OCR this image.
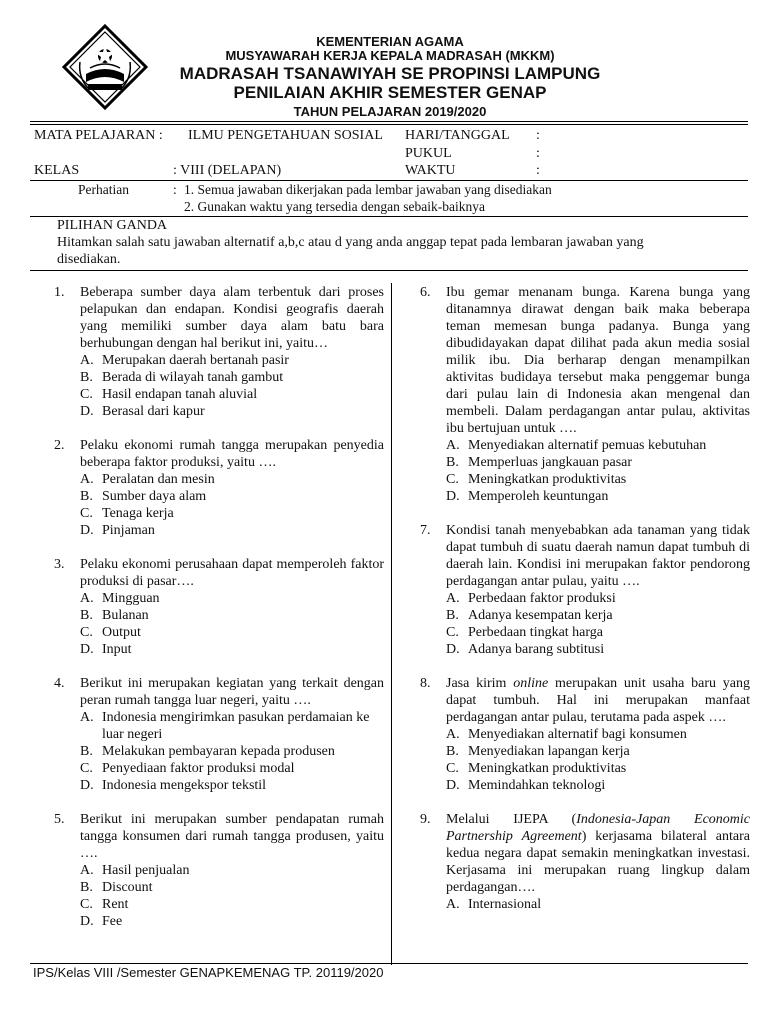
KEMENTERIAN AGAMA
MUSYAWARAH KERJA KEPALA MADRASAH (MKKM)
MADRASAH TSANAWIYAH SE PROPINSI LAMPUNG
PENILAIAN AKHIR SEMESTER GENAP
TAHUN PELAJARAN 2019/2020
MATA PELAJARAN : ILMU PENGETAHUAN SOSIAL HARI/TANGGAL :
PUKUL	:
KELAS	: VIII (DELAPAN)	WAKTU	:
Perhatian	: 1. Semua jawaban dikerjakan pada lembar jawaban yang disediakan
2. Gunakan waktu yang tersedia dengan sebaik-baiknya
PILIHAN GANDA
Hitamkan salah satu jawaban alternatif a,b,c atau d yang anda anggap tepat pada lembaran jawaban yang
disediakan.
1.	Beberapa sumber daya alam terbentuk dari proses pelapukan dan endapan. Kondisi geografis daerah yang memiliki sumber daya alam batu bara berhubungan dengan hal berikut ini, yaitu…
A. Merupakan daerah bertanah pasir
B. Berada di wilayah tanah gambut
C. Hasil endapan tanah aluvial
D. Berasal dari kapur
2.	Pelaku ekonomi rumah tangga merupakan penyedia beberapa faktor produksi, yaitu ….
A. Peralatan dan mesin
B. Sumber daya alam
C. Tenaga kerja
D. Pinjaman
3.	Pelaku ekonomi perusahaan dapat memperoleh faktor produksi di pasar….
A. Mingguan
B. Bulanan
C. Output
D. Input
4.	Berikut ini merupakan kegiatan yang terkait dengan peran rumah tangga luar negeri, yaitu ….
A. Indonesia mengirimkan pasukan perdamaian ke luar negeri
B. Melakukan pembayaran kepada produsen
C. Penyediaan faktor produksi modal
D. Indonesia mengekspor tekstil
5.	Berikut ini merupakan sumber pendapatan rumah tangga konsumen dari rumah tangga produsen, yaitu ….
A. Hasil penjualan
B. Discount
C. Rent
D. Fee
6.	Ibu gemar menanam bunga. Karena bunga yang ditanamnya dirawat dengan baik maka beberapa teman memesan bunga padanya. Bunga yang dibudidayakan dapat dilihat pada akun media sosial milik ibu. Dia berharap dengan menampilkan aktivitas budidaya tersebut maka penggemar bunga dari pulau lain di Indonesia akan mengenal dan membeli. Dalam perdagangan antar pulau, aktivitas ibu bertujuan untuk ….
A. Menyediakan alternatif pemuas kebutuhan
B. Memperluas jangkauan pasar
C. Meningkatkan produktivitas
D. Memperoleh keuntungan
7.	Kondisi tanah menyebabkan ada tanaman yang tidak dapat tumbuh di suatu daerah namun dapat tumbuh di daerah lain. Kondisi ini merupakan faktor pendorong perdagangan antar pulau, yaitu ….
A. Perbedaan faktor produksi
B. Adanya kesempatan kerja
C. Perbedaan tingkat harga
D. Adanya barang subtitusi
8.	Jasa kirim online merupakan unit usaha baru yang dapat tumbuh. Hal ini merupakan manfaat perdagangan antar pulau, terutama pada aspek ….
A. Menyediakan alternatif bagi konsumen
B. Menyediakan lapangan kerja
C. Meningkatkan produktivitas
D. Memindahkan teknologi
9.	Melalui IJEPA (Indonesia-Japan Economic Partnership Agreement) kerjasama bilateral antara kedua negara dapat semakin meningkatkan investasi. Kerjasama ini merupakan ruang lingkup dalam perdagangan….
A. Internasional
IPS/Kelas VIII /Semester GENAPKEMENAG TP. 20119/2020
